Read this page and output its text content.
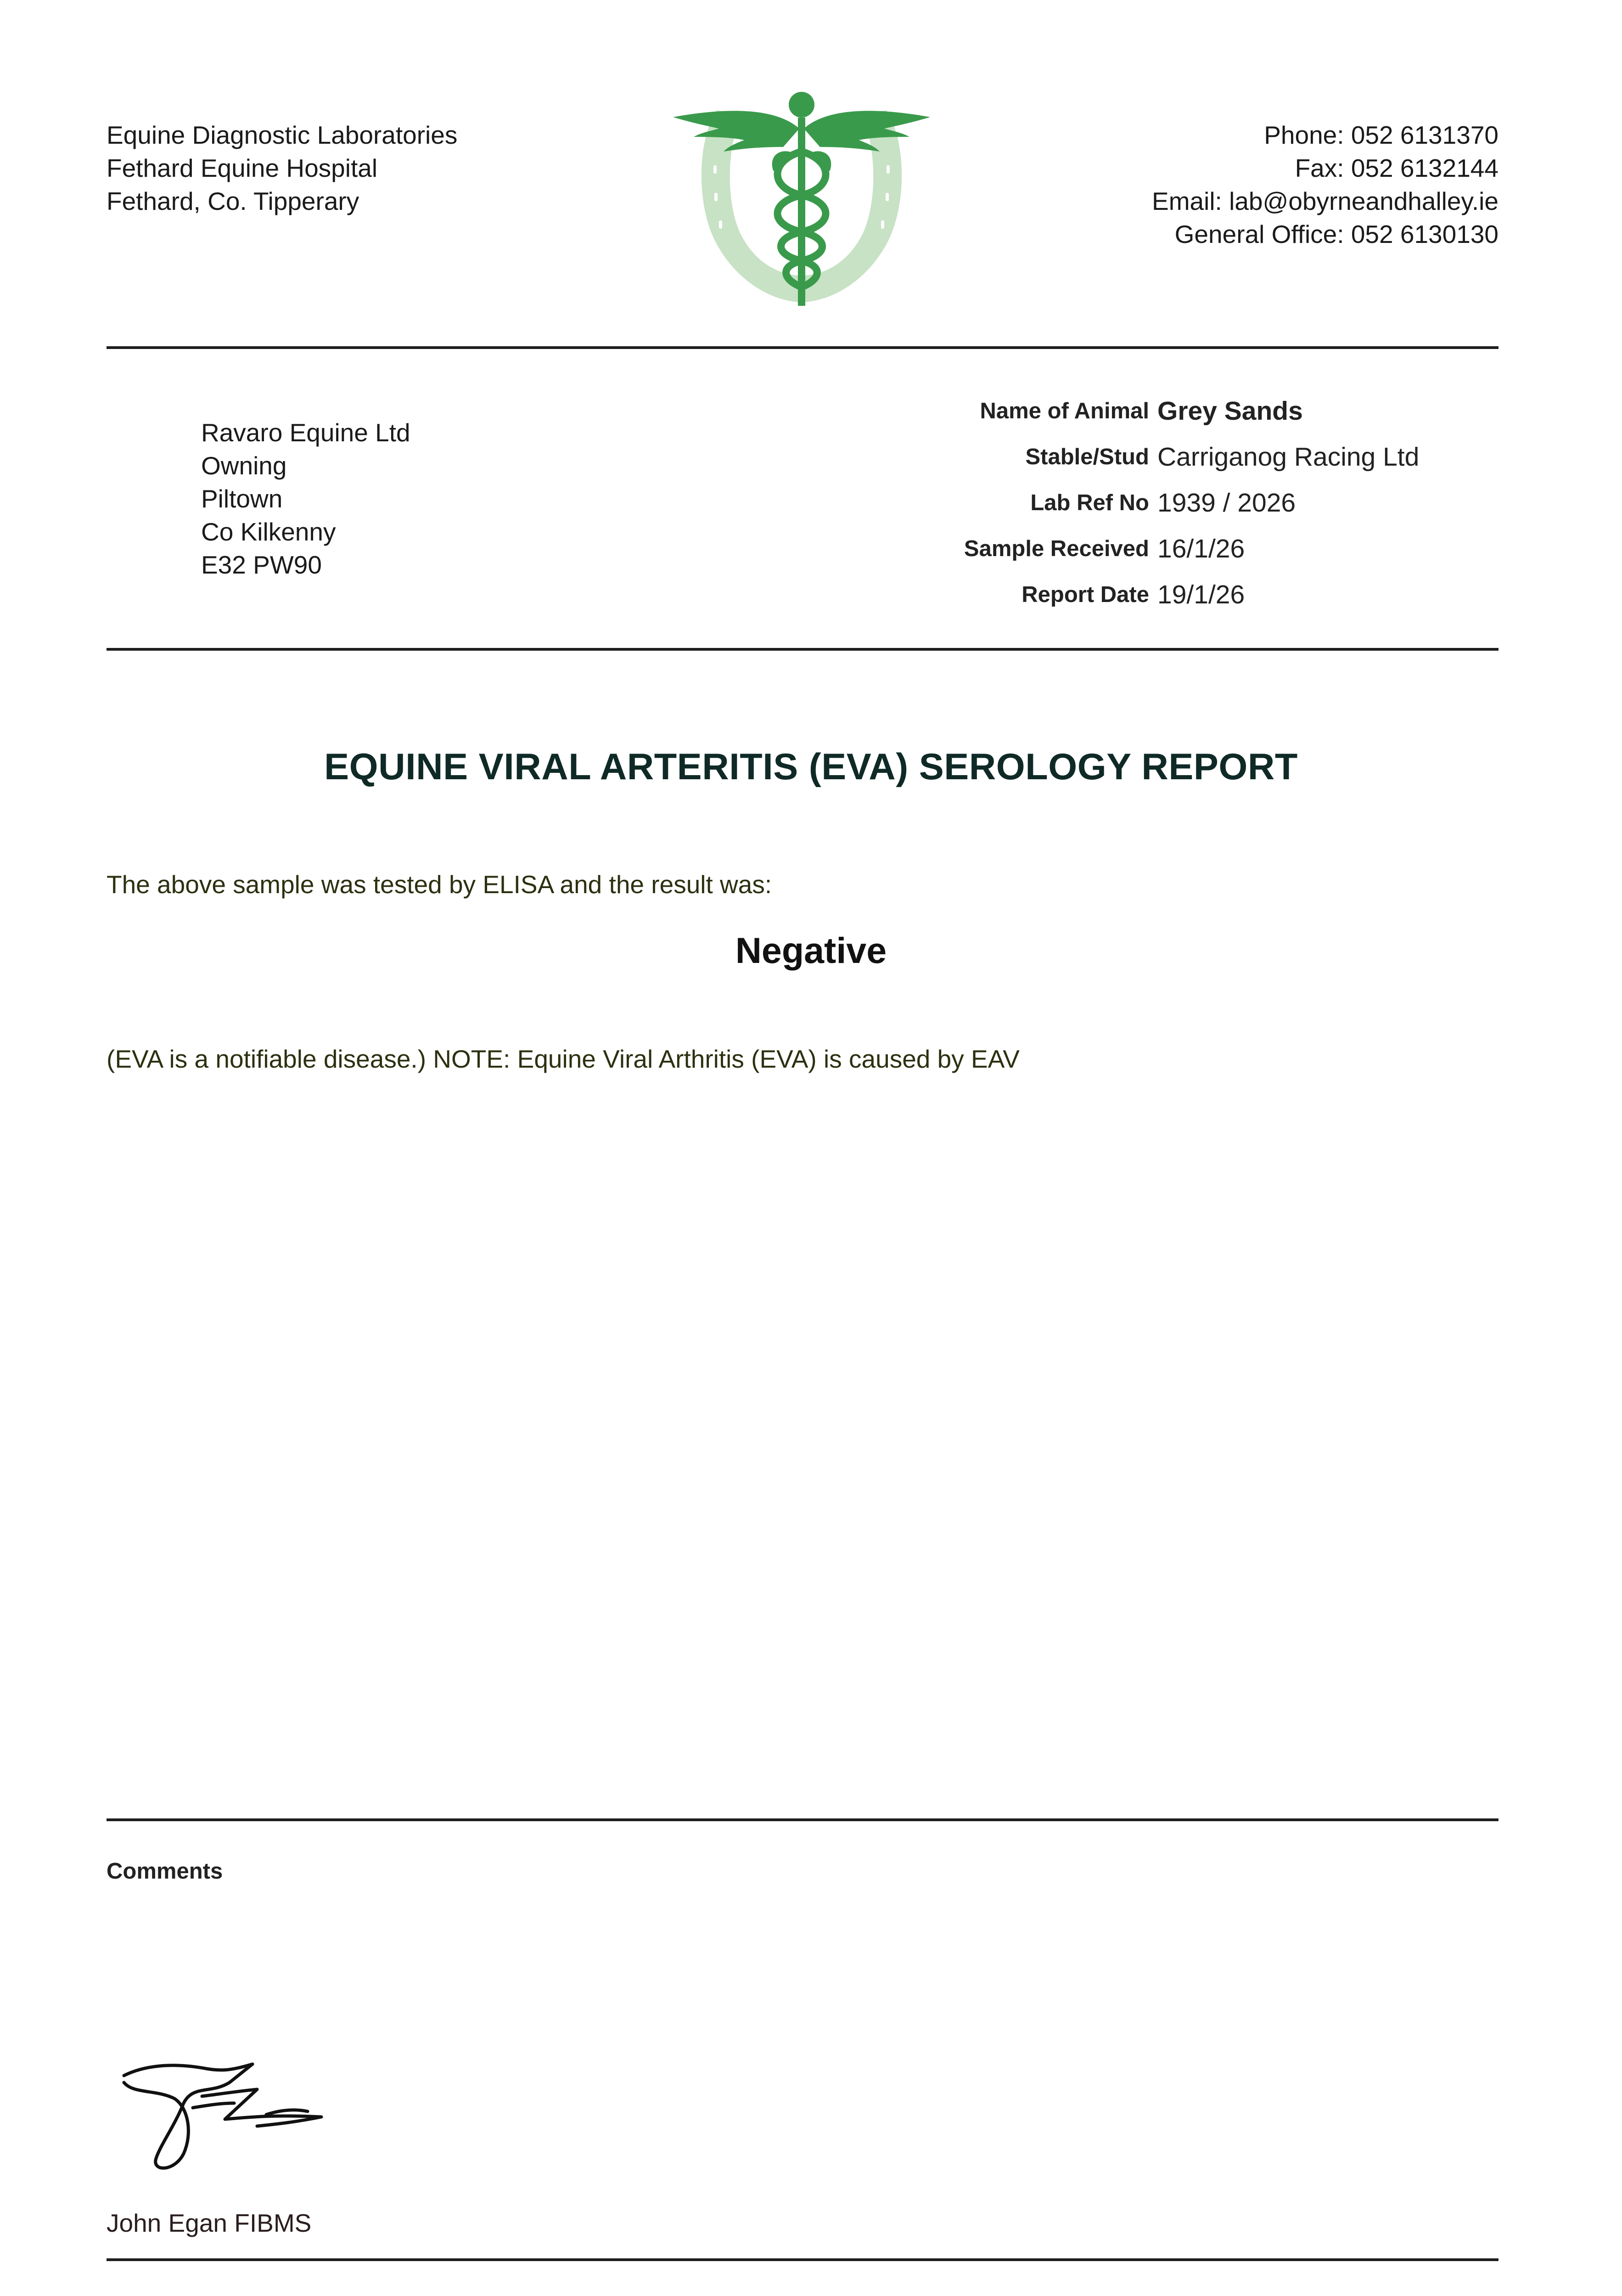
Equine Diagnostic Laboratories
Fethard Equine Hospital
Fethard, Co. Tipperary
Phone: 052 6131370
Fax: 052 6132144
Email: lab@obyrneandhalley.ie
General Office: 052 6130130
Ravaro Equine Ltd
Owning
Piltown
Co Kilkenny
E32 PW90
Name of Animal Grey Sands
Stable/Stud Carriganog Racing Ltd
Lab Ref No 1939 / 2026
Sample Received 16/1/26
Report Date 19/1/26
EQUINE VIRAL ARTERITIS (EVA) SEROLOGY REPORT
The above sample was tested by ELISA and the result was:
Negative
(EVA is a notifiable disease.) NOTE: Equine Viral Arthritis (EVA) is caused by EAV
Comments
John Egan FIBMS
